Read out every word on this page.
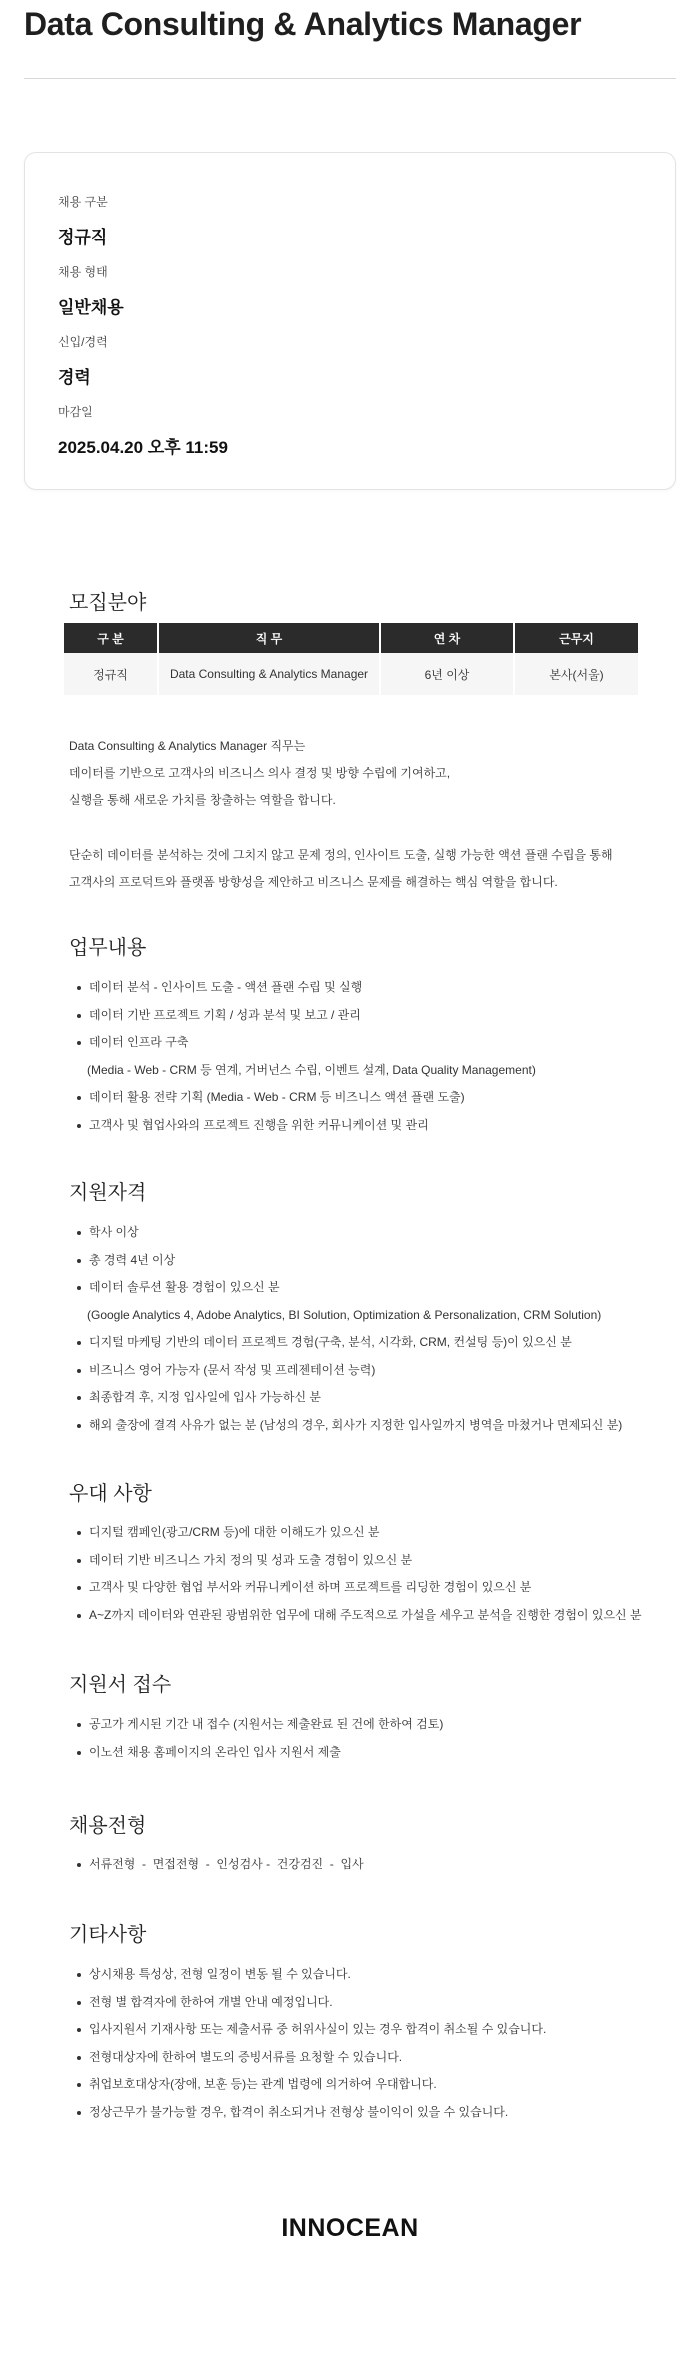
Data Consulting & Analytics Manager
채용 구분
정규직
채용 형태
일반채용
신입/경력
경력
마감일
2025.04.20 오후 11:59
모집분야
구 분	직 무	연 차	근무지
정규직	Data Consulting & Analytics Manager	6년 이상	본사(서울)
Data Consulting & Analytics Manager 직무는
데이터를 기반으로 고객사의 비즈니스 의사 결정 및 방향 수립에 기여하고,
실행을 통해 새로운 가치를 창출하는 역할을 합니다.
단순히 데이터를 분석하는 것에 그치지 않고 문제 정의, 인사이트 도출, 실행 가능한 액션 플랜 수립을 통해
고객사의 프로덕트와 플랫폼 방향성을 제안하고 비즈니스 문제를 해결하는 핵심 역할을 합니다.
업무내용
데이터 분석 - 인사이트 도출 - 액션 플랜 수립 및 실행
데이터 기반 프로젝트 기획 / 성과 분석 및 보고 / 관리
데이터 인프라 구축
(Media - Web - CRM 등 연계, 거버넌스 수립, 이벤트 설계, Data Quality Management)
데이터 활용 전략 기획 (Media - Web - CRM 등 비즈니스 액션 플랜 도출)
고객사 및 협업사와의 프로젝트 진행을 위한 커뮤니케이션 및 관리
지원자격
학사 이상
총 경력 4년 이상
데이터 솔루션 활용 경험이 있으신 분
(Google Analytics 4, Adobe Analytics, BI Solution, Optimization & Personalization, CRM Solution)
디지털 마케팅 기반의 데이터 프로젝트 경험(구축, 분석, 시각화, CRM, 컨설팅 등)이 있으신 분
비즈니스 영어 가능자 (문서 작성 및 프레젠테이션 능력)
최종합격 후, 지정 입사일에 입사 가능하신 분
해외 출장에 결격 사유가 없는 분 (남성의 경우, 회사가 지정한 입사일까지 병역을 마쳤거나 면제되신 분)
우대 사항
디지털 캠페인(광고/CRM 등)에 대한 이해도가 있으신 분
데이터 기반 비즈니스 가치 정의 및 성과 도출 경험이 있으신 분
고객사 및 다양한 협업 부서와 커뮤니케이션 하며 프로젝트를 리딩한 경험이 있으신 분
A~Z까지 데이터와 연관된 광범위한 업무에 대해 주도적으로 가설을 세우고 분석을 진행한 경험이 있으신 분
지원서 접수
공고가 게시된 기간 내 접수 (지원서는 제출완료 된 건에 한하여 검토)
이노션 채용 홈페이지의 온라인 입사 지원서 제출
채용전형
서류전형  -  면접전형  -  인성검사 -  건강검진  -  입사
기타사항
상시채용 특성상, 전형 일정이 변동 될 수 있습니다.
전형 별 합격자에 한하여 개별 안내 예정입니다.
입사지원서 기재사항 또는 제출서류 중 허위사실이 있는 경우 합격이 취소될 수 있습니다.
전형대상자에 한하여 별도의 증빙서류를 요청할 수 있습니다.
취업보호대상자(장애, 보훈 등)는 관계 법령에 의거하여 우대합니다.
정상근무가 불가능할 경우, 합격이 취소되거나 전형상 불이익이 있을 수 있습니다.
INNOCEAN
